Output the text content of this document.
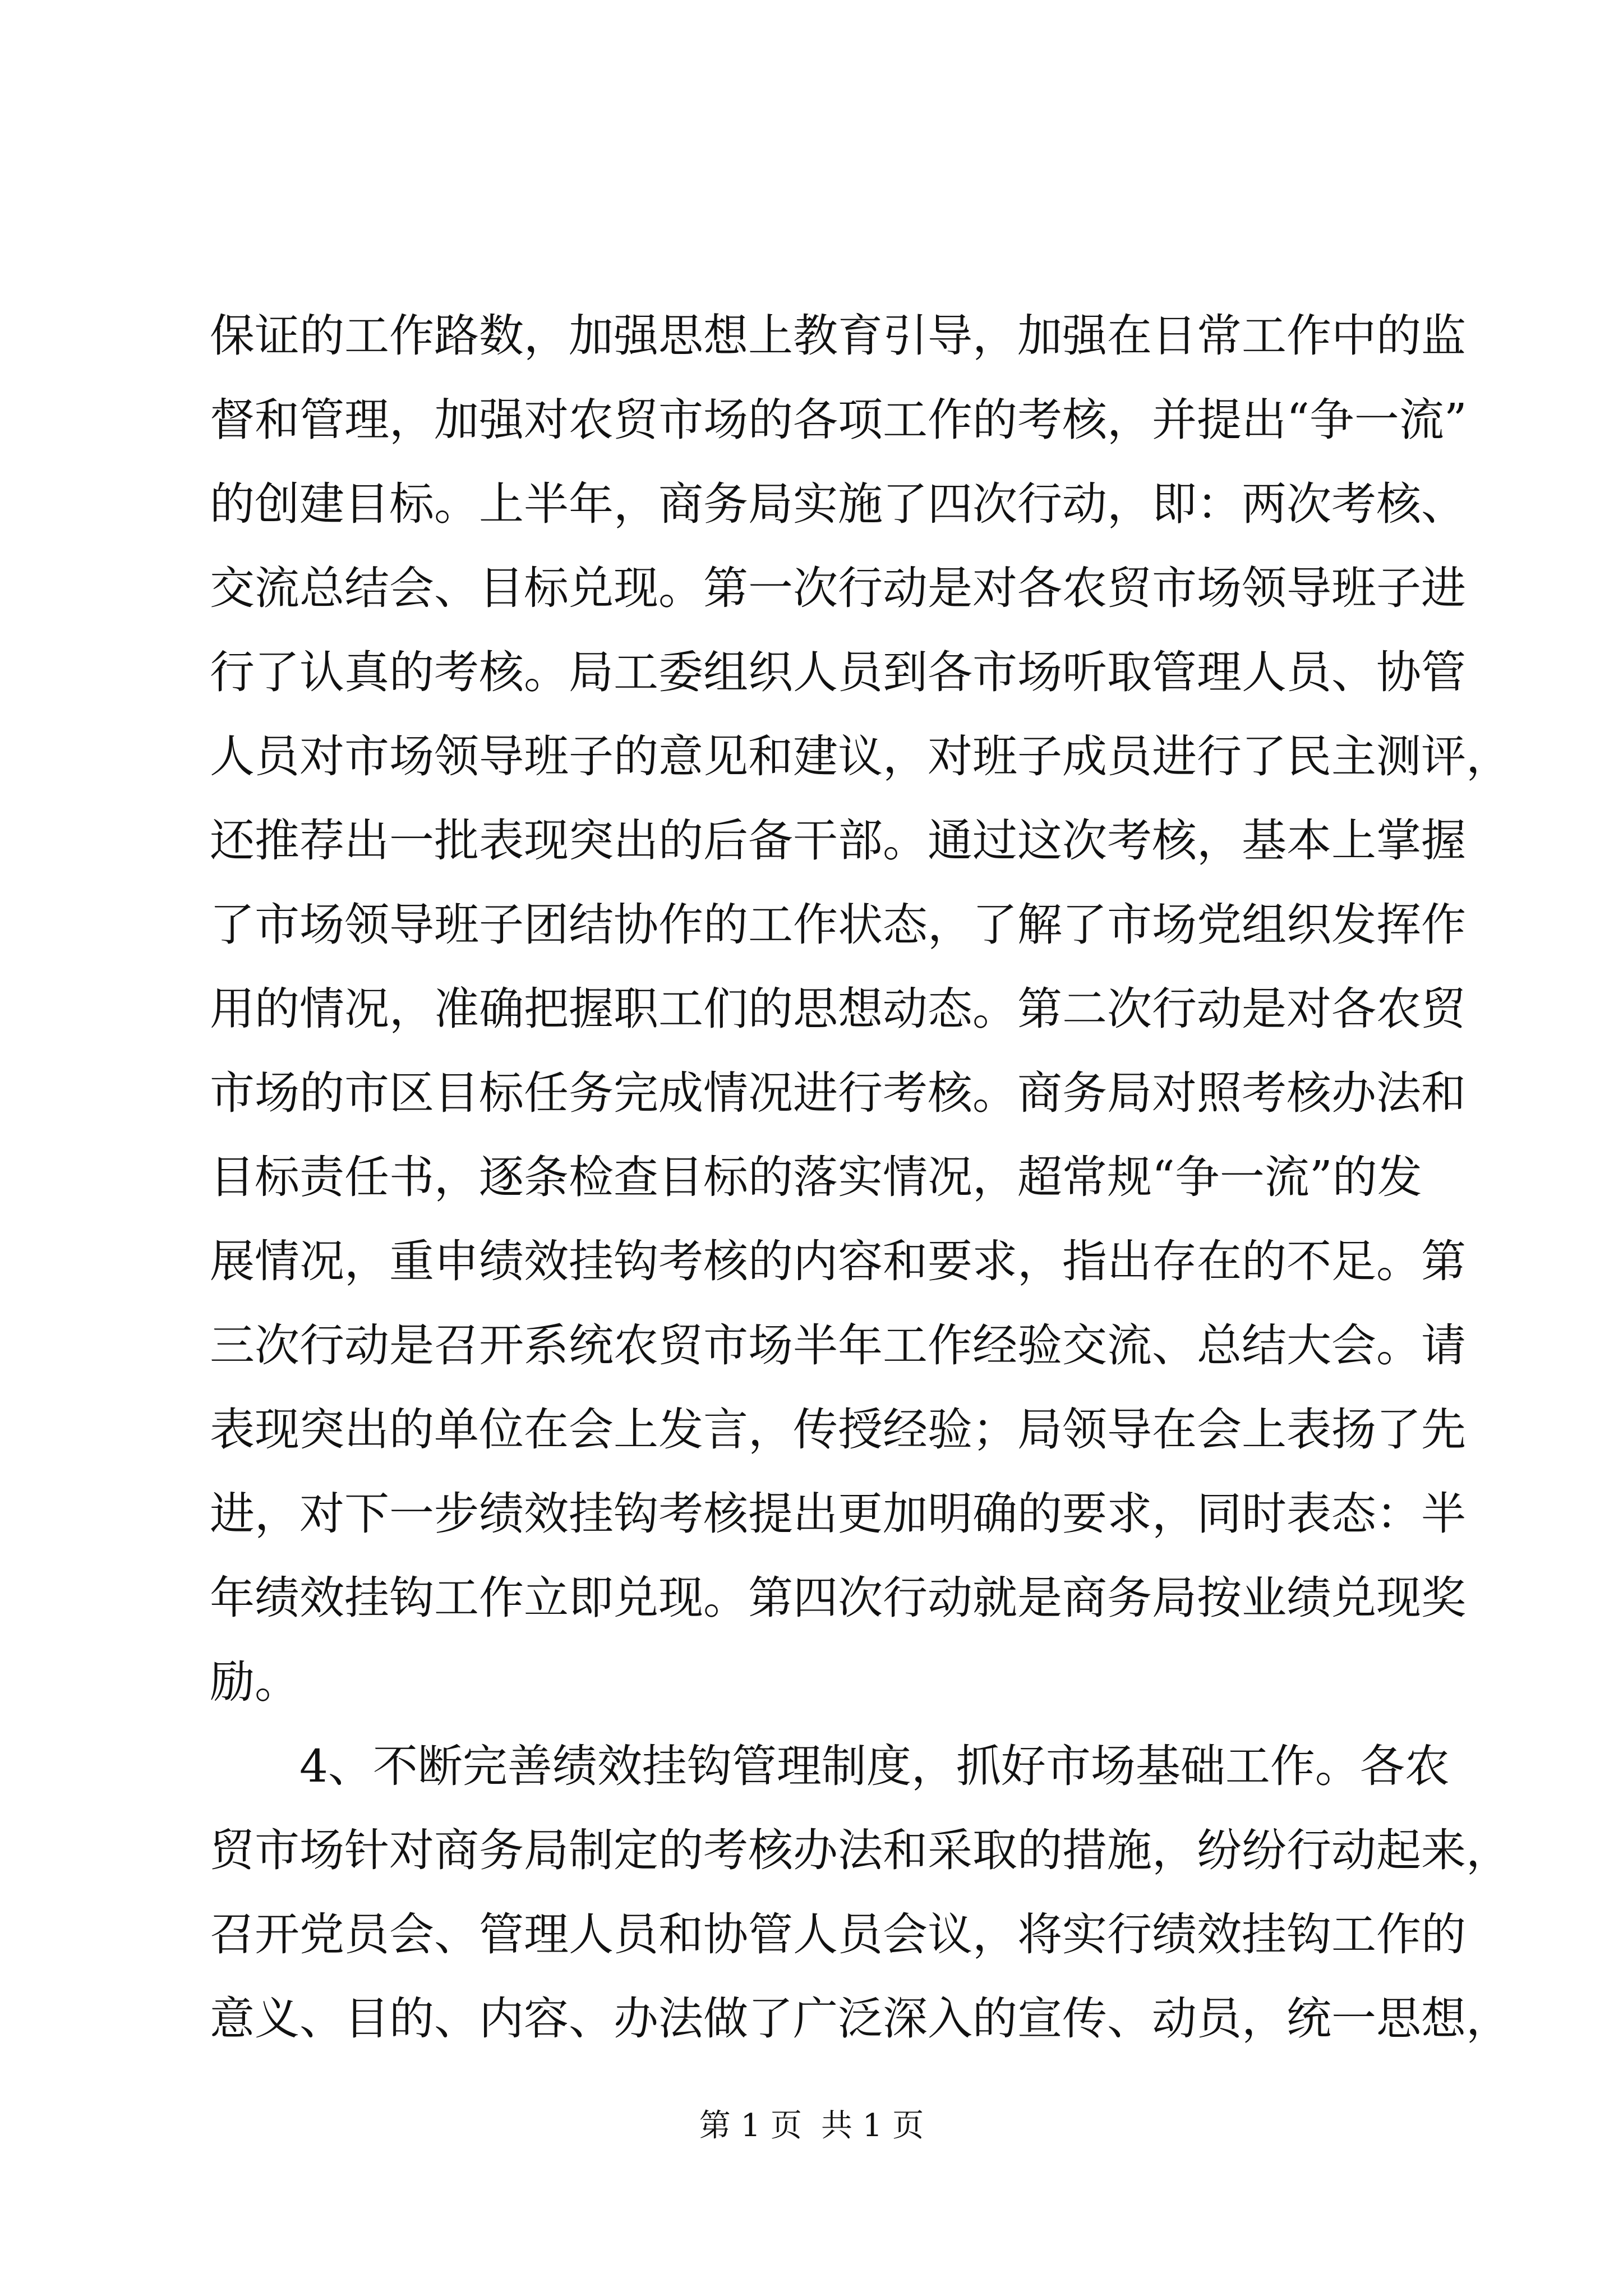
保证的工作路数，加强思想上教育引导，加强在日常工作中的监
督和管理，加强对农贸市场的各项工作的考核，并提出“争一流”
的创建目标。上半年，商务局实施了四次行动，即：两次考核、
交流总结会、目标兑现。第一次行动是对各农贸市场领导班子进
行了认真的考核。局工委组织人员到各市场听取管理人员、协管
人员对市场领导班子的意见和建议，对班子成员进行了民主测评，
还推荐出一批表现突出的后备干部。通过这次考核，基本上掌握
了市场领导班子团结协作的工作状态，了解了市场党组织发挥作
用的情况，准确把握职工们的思想动态。第二次行动是对各农贸
市场的市区目标任务完成情况进行考核。商务局对照考核办法和
目标责任书，逐条检查目标的落实情况，超常规“争一流”的发
展情况，重申绩效挂钩考核的内容和要求，指出存在的不足。第
三次行动是召开系统农贸市场半年工作经验交流、总结大会。请
表现突出的单位在会上发言，传授经验；局领导在会上表扬了先
进，对下一步绩效挂钩考核提出更加明确的要求，同时表态：半
年绩效挂钩工作立即兑现。第四次行动就是商务局按业绩兑现奖
励。
4、不断完善绩效挂钩管理制度，抓好市场基础工作。各农
贸市场针对商务局制定的考核办法和采取的措施，纷纷行动起来，
召开党员会、管理人员和协管人员会议，将实行绩效挂钩工作的
意义、目的、内容、办法做了广泛深入的宣传、动员，统一思想，
第 1 页 共 1 页
